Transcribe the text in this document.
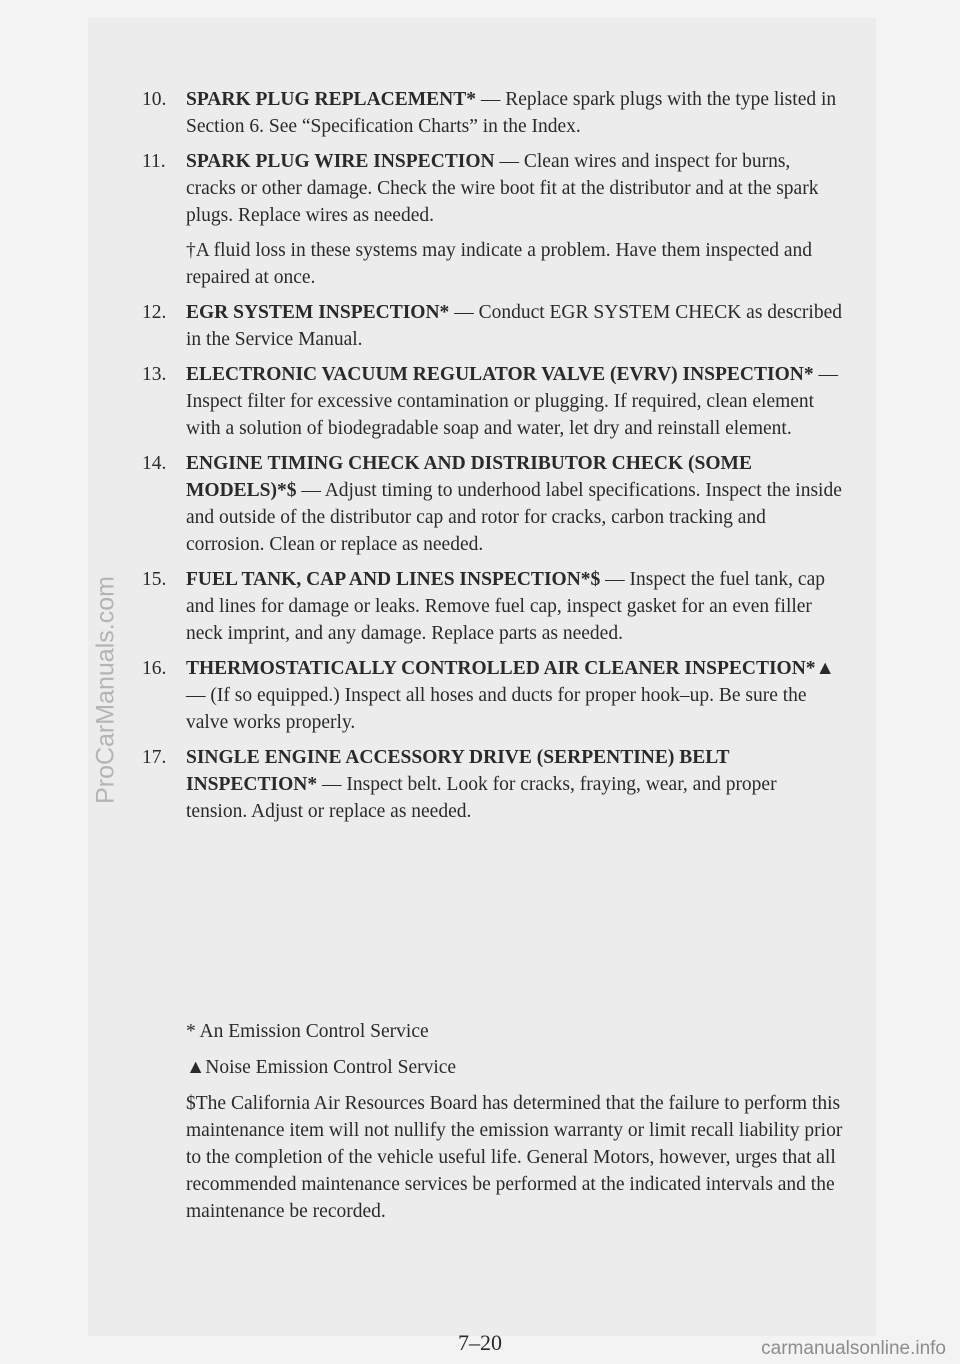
10. SPARK PLUG REPLACEMENT* — Replace spark plugs with the type listed in Section 6. See “Specification Charts” in the Index.
11. SPARK PLUG WIRE INSPECTION — Clean wires and inspect for burns, cracks or other damage. Check the wire boot fit at the distributor and at the spark plugs. Replace wires as needed.
†A fluid loss in these systems may indicate a problem. Have them inspected and repaired at once.
12. EGR SYSTEM INSPECTION* — Conduct EGR SYSTEM CHECK as described in the Service Manual.
13. ELECTRONIC VACUUM REGULATOR VALVE (EVRV) INSPECTION* — Inspect filter for excessive contamination or plugging. If required, clean element with a solution of biodegradable soap and water, let dry and reinstall element.
14. ENGINE TIMING CHECK AND DISTRIBUTOR CHECK (SOME MODELS)*$ — Adjust timing to underhood label specifications. Inspect the inside and outside of the distributor cap and rotor for cracks, carbon tracking and corrosion. Clean or replace as needed.
15. FUEL TANK, CAP AND LINES INSPECTION*$ — Inspect the fuel tank, cap and lines for damage or leaks. Remove fuel cap, inspect gasket for an even filler neck imprint, and any damage. Replace parts as needed.
16. THERMOSTATICALLY CONTROLLED AIR CLEANER INSPECTION*▲ — (If so equipped.) Inspect all hoses and ducts for proper hook–up. Be sure the valve works properly.
17. SINGLE ENGINE ACCESSORY DRIVE (SERPENTINE) BELT INSPECTION* — Inspect belt. Look for cracks, fraying, wear, and proper tension. Adjust or replace as needed.

* An Emission Control Service

▲Noise Emission Control Service

$The California Air Resources Board has determined that the failure to perform this maintenance item will not nullify the emission warranty or limit recall liability prior to the completion of the vehicle useful life. General Motors, however, urges that all recommended maintenance services be performed at the indicated intervals and the maintenance be recorded.

7–20
ProCarManuals.com
carmanualsonline.info
